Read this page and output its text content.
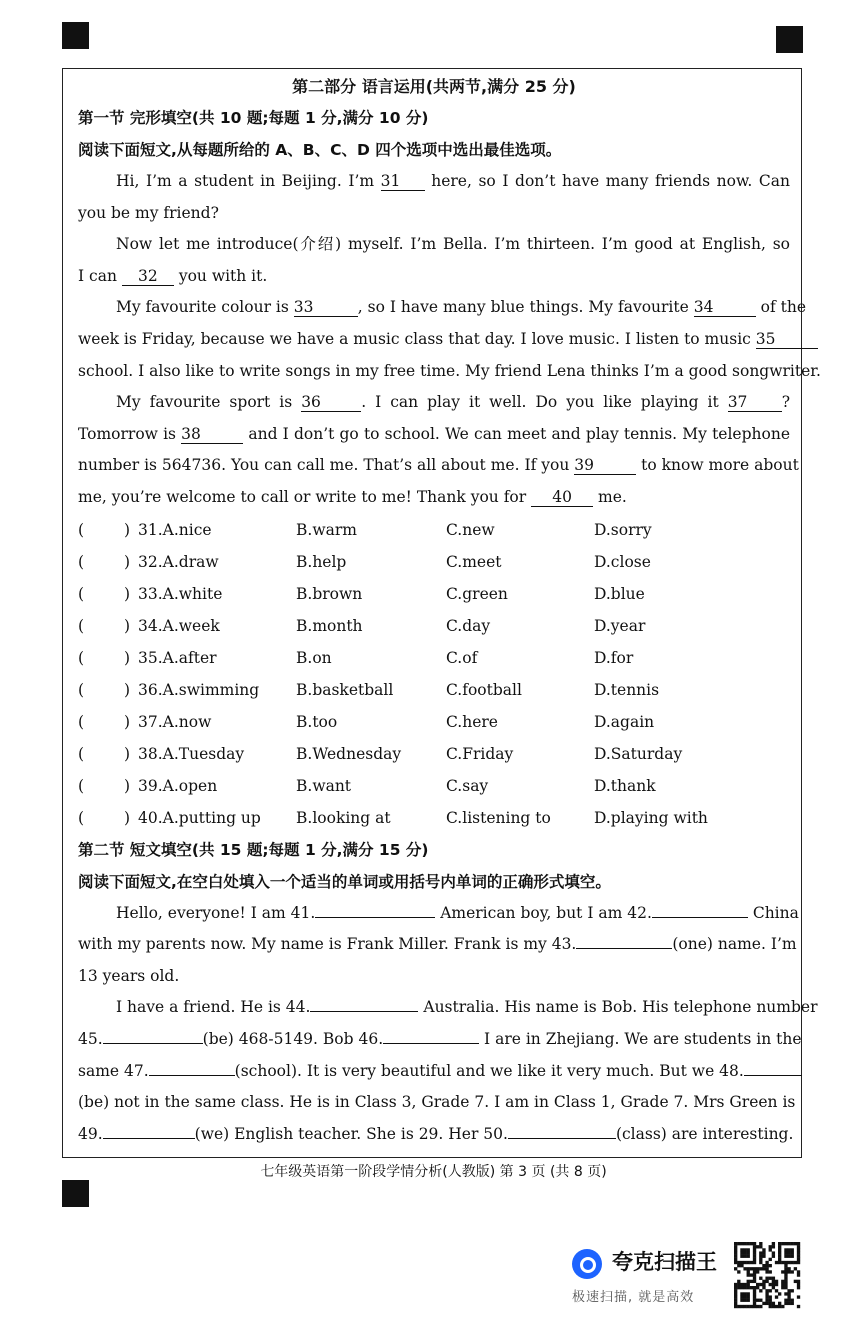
第二部分 语言运用(共两节,满分 25 分)
第一节 完形填空(共 10 题;每题 1 分,满分 10 分)
阅读下面短文,从每题所给的 A、B、C、D 四个选项中选出最佳选项。
Hi, I’m a student in Beijing. I’m 31 here, so I don’t have many friends now. Can
you be my friend?
Now let me introduce(介绍) myself. I’m Bella. I’m thirteen. I’m good at English, so
I can 32 you with it.
My favourite colour is 33	, so I have many blue things. My favourite 34	of the
week is Friday, because we have a music class that day. I love music. I listen to music 35
school. I also like to write songs in my free time. My friend Lena thinks I’m a good songwriter.
My favourite sport is 36	. I can play it well. Do you like playing it 37 ?
Tomorrow is 38	and I don’t go to school. We can meet and play tennis. My telephone
number is 564736. You can call me. That’s all about me. If you 39	to know more about
me, you’re welcome to call or write to me! Thank you for 40 me.
(	) 31.A.nice	B.warm	C.new	D.sorry
(	) 32.A.draw	B.help	C.meet	D.close
(	) 33.A.white	B.brown	C.green	D.blue
(	) 34.A.week	B.month	C.day	D.year
(	) 35.A.after	B.on	C.of	D.for
(	) 36.A.swimming B.basketball	C.football	D.tennis
(	) 37.A.now	B.too	C.here	D.again
(	) 38.A.Tuesday	B.Wednesday	C.Friday	D.Saturday
(	) 39.A.open	B.want	C.say	D.thank
(	) 40.A.putting up B.looking at	C.listening to	D.playing with
第二节 短文填空(共 15 题;每题 1 分,满分 15 分)
阅读下面短文,在空白处填入一个适当的单词或用括号内单词的正确形式填空。
Hello, everyone! I am 41.	American boy, but I am 42.	China
with my parents now. My name is Frank Miller. Frank is my 43.	(one) name. I’m
13 years old.
I have a friend. He is 44.	Australia. His name is Bob. His telephone number
45.	(be) 468-5149. Bob 46.	I are in Zhejiang. We are students in the
same 47.	(school). It is very beautiful and we like it very much. But we 48.
(be) not in the same class. He is in Class 3, Grade 7. I am in Class 1, Grade 7. Mrs Green is
49.	(we) English teacher. She is 29. Her 50.	(class) are interesting.
七年级英语第一阶段学情分析(人教版) 第 3 页 (共 8 页)
夸克扫描王
极速扫描, 就是高效
